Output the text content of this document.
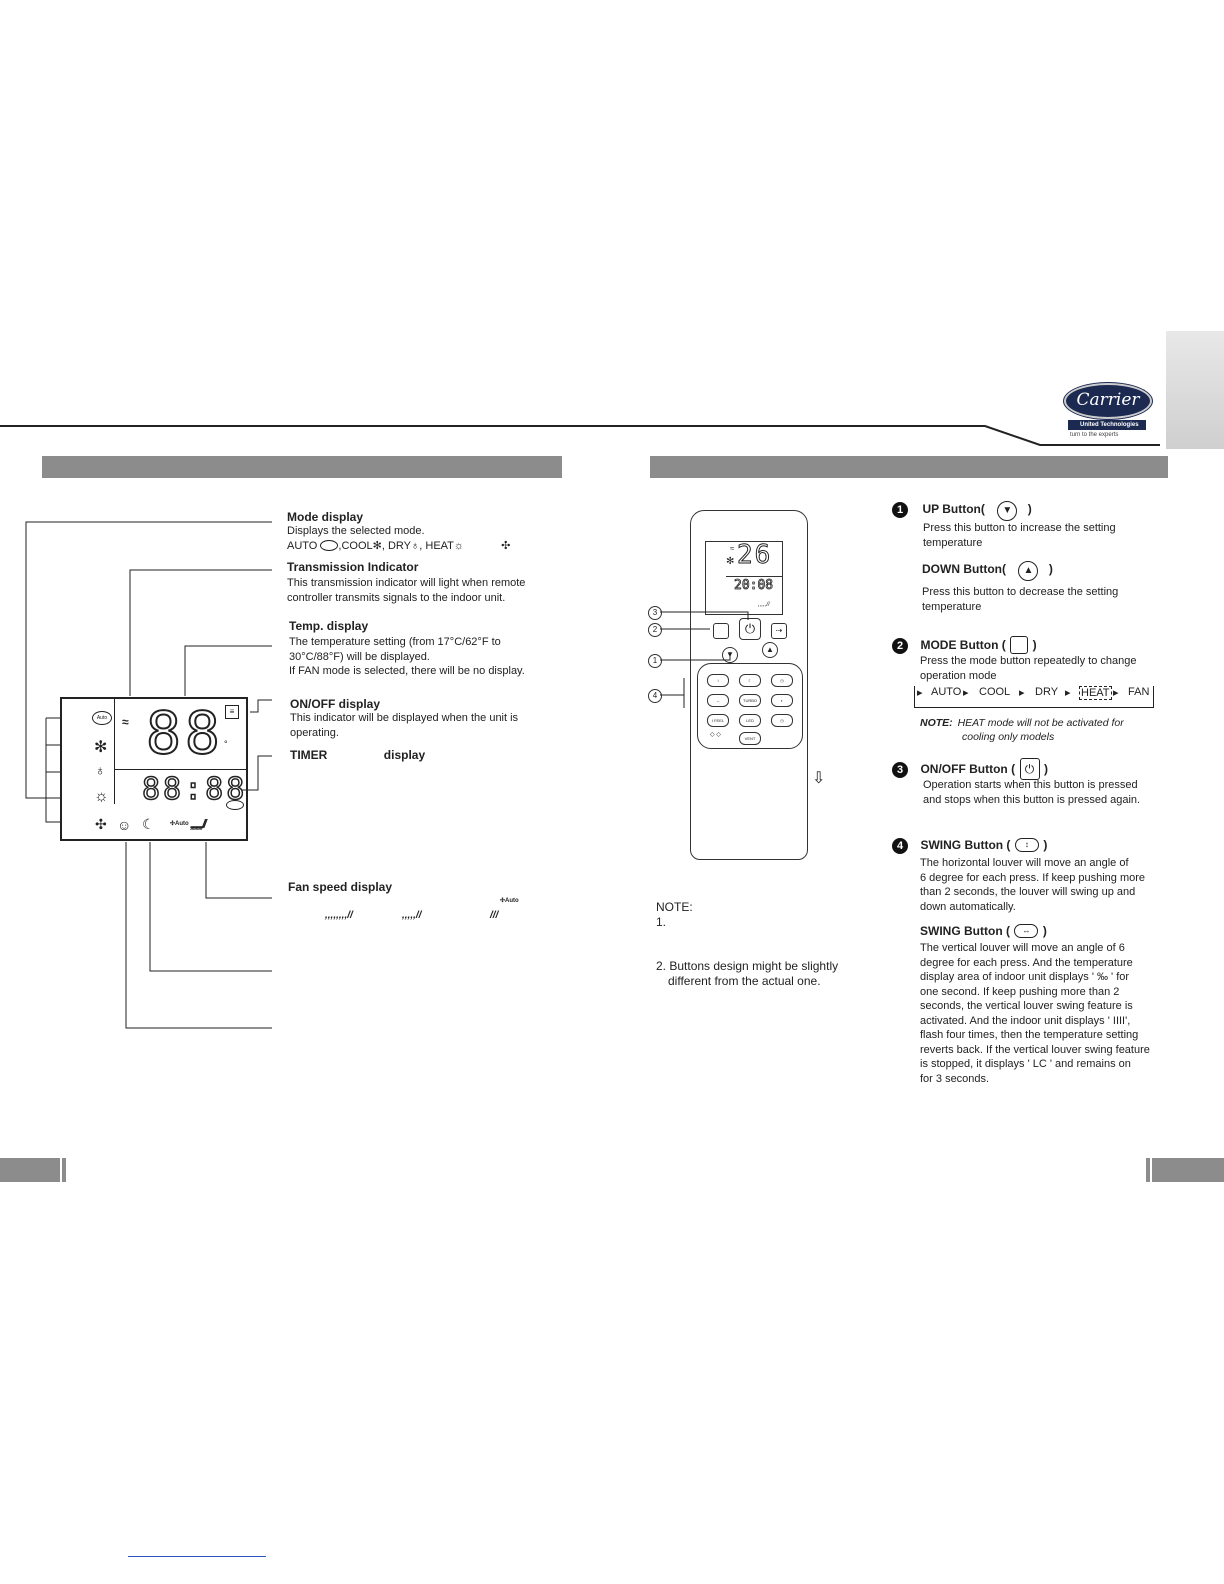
Carrier
United Technologies
turn to the experts
Auto
✻
♁
☼
✣
≈ 88 °
≡
88:88
☺ ☾	✣Auto ,,,,,,,,,//
Mode display
Displays the selected mode.
AUTO ,COOL✻, DRY♁, HEAT☼	✣
Transmission Indicator
This transmission indicator will light when remote
controller transmits signals to the indoor unit.
Temp. display
The temperature setting (from 17°C/62°F to
30°C/88°F) will be displayed.
If FAN mode is selected, there will be no display.
ON/OFF display
This indicator will be displayed when the unit is
operating.
TIMER	display
Fan speed display
✣Auto
,,,,,,,,//	,,,,,//	///
≈
✻ 26
20:08
,,,,,//
⏻	⇢
▼
▲
↕	☾	◷
↔	TURBO	◐
I FEEL	LED	◷
◇ ◇
VENT
⇩
3
2
1
4
NOTE:
1.
2. Buttons design might be slightly
different from the actual one.
1 UP Button( ▼ )
Press this button to increase the setting
temperature
DOWN Button( ▲ )
Press this button to decrease the setting
temperature
2 MODE Button ( )
Press the mode button repeatedly to change
operation mode
▸ AUTO ▸ COOL ▸ DRY ▸ HEAT ▸ FAN
NOTE: HEAT mode will not be activated for
cooling only models
3 ON/OFF Button ( ⏻ )
Operation starts when this button is pressed
and stops when this button is pressed again.
4 SWING Button ( ↕ )
The horizontal louver will move an angle of
6 degree for each press. If keep pushing more
than 2 seconds, the louver will swing up and
down automatically.
SWING Button ( ↔ )
The vertical louver will move an angle of 6
degree for each press. And the temperature
display area of indoor unit displays ' ‰ ' for
one second. If keep pushing more than 2
seconds, the vertical louver swing feature is
activated. And the indoor unit displays ' IIII',
flash four times, then the temperature setting
reverts back. If the vertical louver swing feature
is stopped, it displays ' LC ' and remains on
for 3 seconds.
